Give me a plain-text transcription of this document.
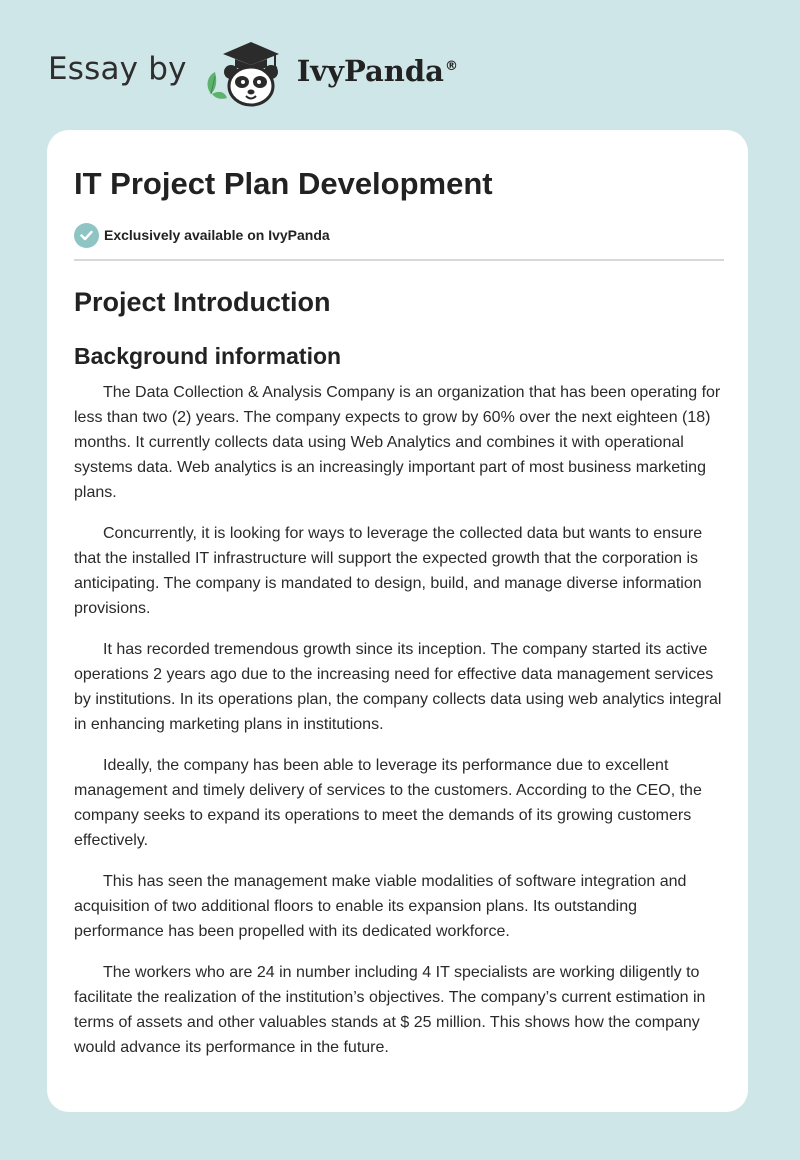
Essay by	IvyPanda®
IT Project Plan Development
Exclusively available on IvyPanda
Project Introduction
Background information

The Data Collection & Analysis Company is an organization that has been operating for less than two (2) years. The company expects to grow by 60% over the next eighteen (18) months. It currently collects data using Web Analytics and combines it with operational systems data. Web analytics is an increasingly important part of most business marketing plans.

Concurrently, it is looking for ways to leverage the collected data but wants to ensure that the installed IT infrastructure will support the expected growth that the corporation is anticipating. The company is mandated to design, build, and manage diverse information provisions.

It has recorded tremendous growth since its inception. The company started its active operations 2 years ago due to the increasing need for effective data management services by institutions. In its operations plan, the company collects data using web analytics integral in enhancing marketing plans in institutions.

Ideally, the company has been able to leverage its performance due to excellent management and timely delivery of services to the customers. According to the CEO, the company seeks to expand its operations to meet the demands of its growing customers effectively.

This has seen the management make viable modalities of software integration and acquisition of two additional floors to enable its expansion plans. Its outstanding performance has been propelled with its dedicated workforce.

The workers who are 24 in number including 4 IT specialists are working diligently to facilitate the realization of the institution’s objectives. The company’s current estimation in terms of assets and other valuables stands at $ 25 million. This shows how the company would advance its performance in the future.
